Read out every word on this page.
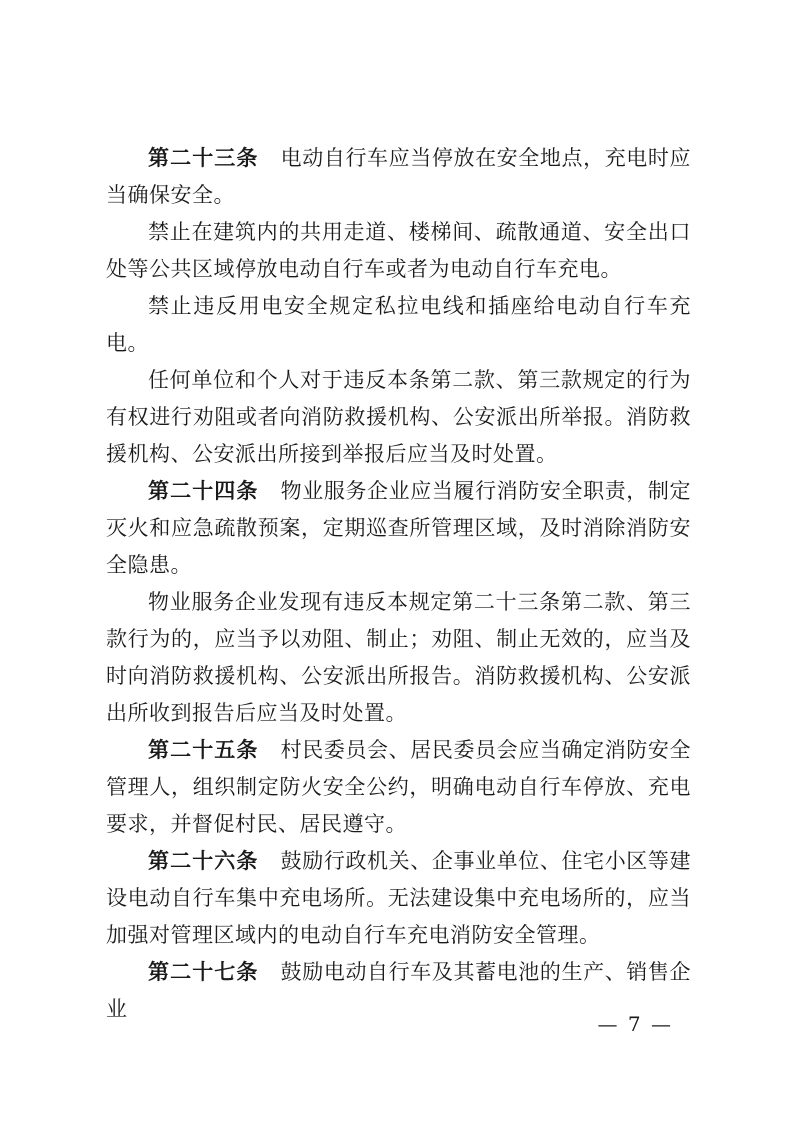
第二十三条 电动自行车应当停放在安全地点，充电时应当确保安全。

禁止在建筑内的共用走道、楼梯间、疏散通道、安全出口处等公共区域停放电动自行车或者为电动自行车充电。

禁止违反用电安全规定私拉电线和插座给电动自行车充电。

任何单位和个人对于违反本条第二款、第三款规定的行为有权进行劝阻或者向消防救援机构、公安派出所举报。消防救援机构、公安派出所接到举报后应当及时处置。

第二十四条 物业服务企业应当履行消防安全职责，制定灭火和应急疏散预案，定期巡查所管理区域，及时消除消防安全隐患。

物业服务企业发现有违反本规定第二十三条第二款、第三款行为的，应当予以劝阻、制止；劝阻、制止无效的，应当及时向消防救援机构、公安派出所报告。消防救援机构、公安派出所收到报告后应当及时处置。

第二十五条 村民委员会、居民委员会应当确定消防安全管理人，组织制定防火安全公约，明确电动自行车停放、充电要求，并督促村民、居民遵守。

第二十六条 鼓励行政机关、企事业单位、住宅小区等建设电动自行车集中充电场所。无法建设集中充电场所的，应当加强对管理区域内的电动自行车充电消防安全管理。

第二十七条 鼓励电动自行车及其蓄电池的生产、销售企业

— 7 —
